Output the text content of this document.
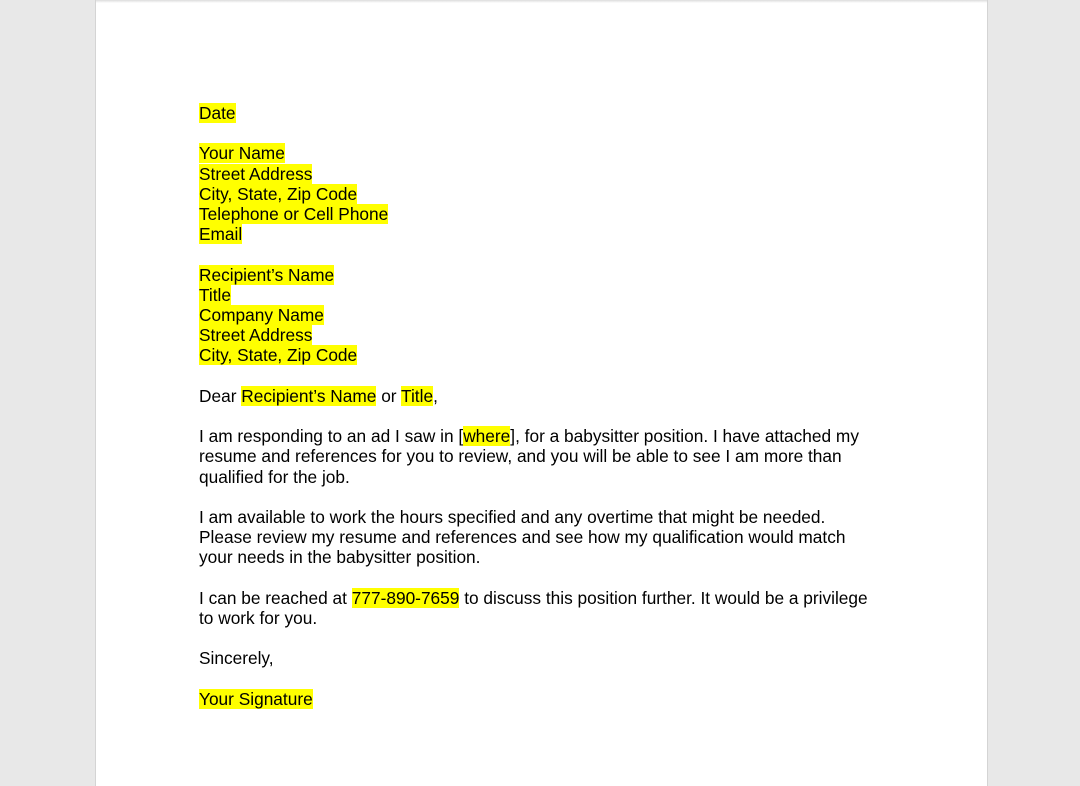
Date
Your Name
Street Address
City, State, Zip Code
Telephone or Cell Phone
Email
Recipient’s Name
Title
Company Name
Street Address
City, State, Zip Code
Dear Recipient’s Name or Title,
I am responding to an ad I saw in [where], for a babysitter position. I have attached my
resume and references for you to review, and you will be able to see I am more than
qualified for the job.
I am available to work the hours specified and any overtime that might be needed.
Please review my resume and references and see how my qualification would match
your needs in the babysitter position.
I can be reached at 777-890-7659 to discuss this position further. It would be a privilege
to work for you.
Sincerely,
Your Signature
